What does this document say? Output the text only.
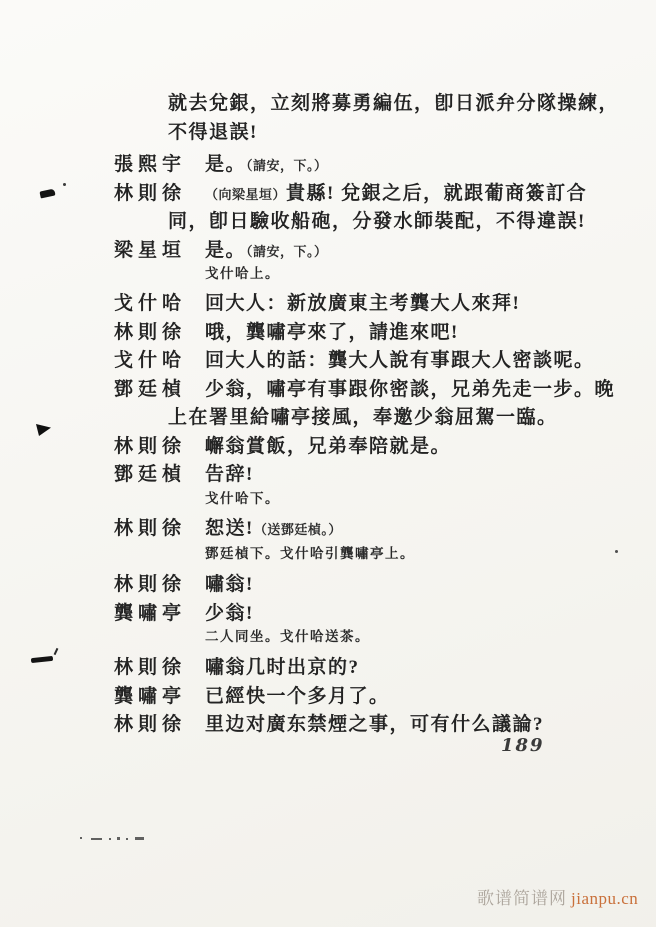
就去兌銀，立刻將募勇編伍，卽日派弁分隊操練，
不得退誤!
張熙宇 是。（請安，下。）
林則徐 （向梁星垣）貴縣! 兌銀之后，就跟葡商簽訂合
同，卽日驗收船砲，分發水師裝配，不得違誤!
梁星垣 是。（請安，下。）
戈什哈上。
戈什哈 回大人：新放廣東主考龔大人來拜!
林則徐 哦，龔嘯亭來了，請進來吧!
戈什哈 回大人的話：龔大人說有事跟大人密談呢。
鄧廷楨 少翁，嘯亭有事跟你密談，兄弟先走一步。晚
上在署里給嘯亭接風，奉邀少翁屈駕一臨。
林則徐 嶰翁賞飯，兄弟奉陪就是。
鄧廷楨 告辞!
戈什哈下。
林則徐 恕送!（送鄧廷楨。）
鄧廷楨下。戈什哈引龔嘯亭上。
林則徐 嘯翁!
龔嘯亭 少翁!
二人同坐。戈什哈送茶。
林則徐 嘯翁几时出京的?
龔嘯亭 已經快一个多月了。
林則徐 里边对廣东禁煙之事，可有什么議論?
189
歌谱简谱网 jianpu.cn
